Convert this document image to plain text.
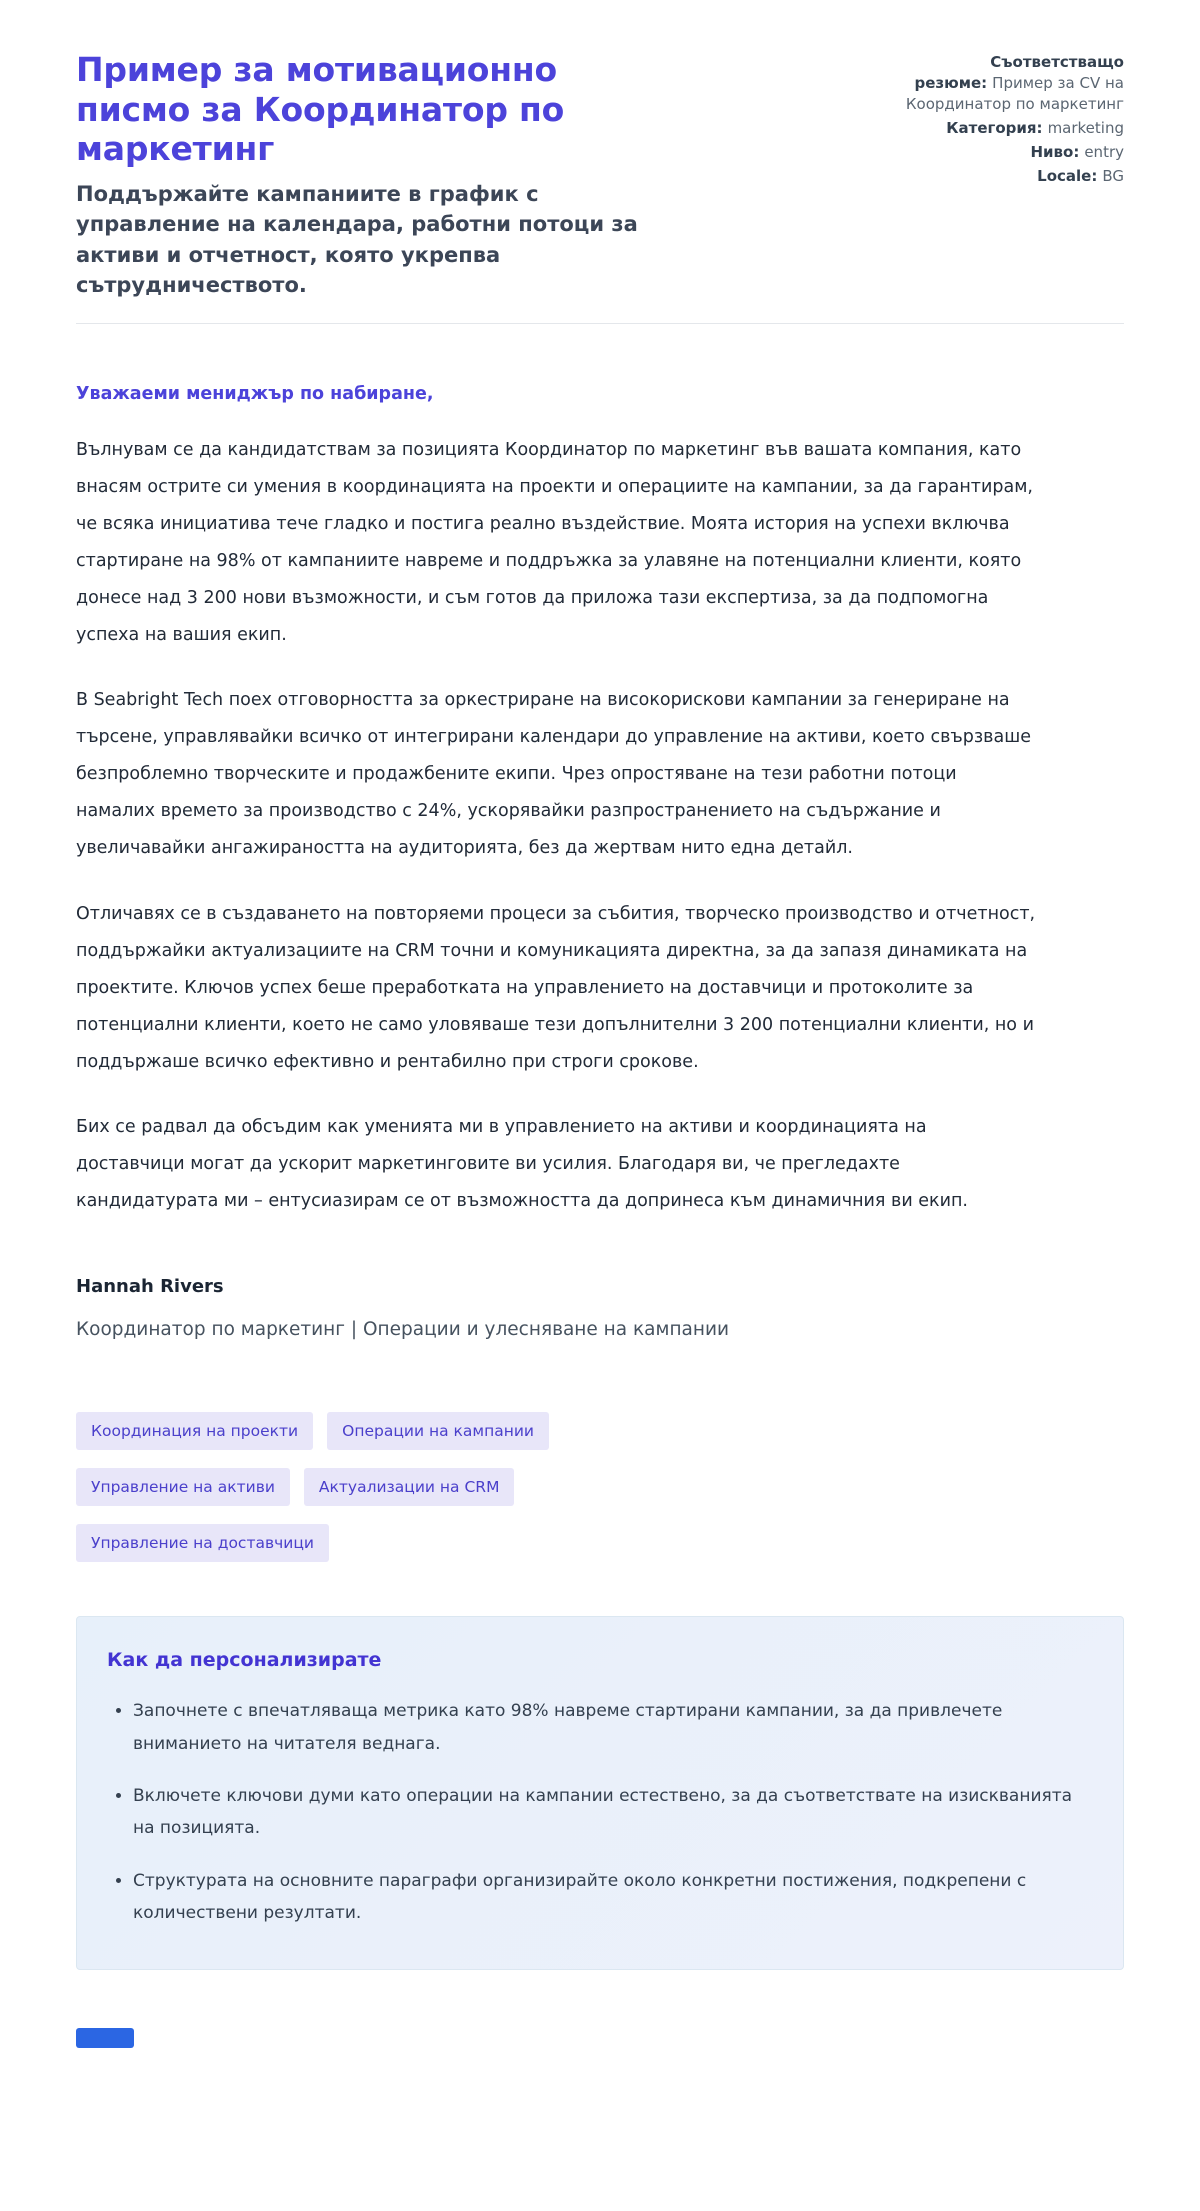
Пример за мотивационно писмо за Координатор по маркетинг

Поддържайте кампаниите в график с управление на календара, работни потоци за активи и отчетност, която укрепва сътрудничеството.

Съответстващо резюме: Пример за CV на Координатор по маркетинг
Категория: marketing
Ниво: entry
Locale: BG

Уважаеми мениджър по набиране,

Вълнувам се да кандидатствам за позицията Координатор по маркетинг във вашата компания, като внасям острите си умения в координацията на проекти и операциите на кампании, за да гарантирам, че всяка инициатива тече гладко и постига реално въздействие. Моята история на успехи включва стартиране на 98% от кампаниите навреме и поддръжка за улавяне на потенциални клиенти, която донесе над 3 200 нови възможности, и съм готов да приложа тази експертиза, за да подпомогна успеха на вашия екип.

В Seabright Tech поех отговорността за оркестриране на високорискови кампании за генериране на търсене, управлявайки всичко от интегрирани календари до управление на активи, което свързваше безпроблемно творческите и продажбените екипи. Чрез опростяване на тези работни потоци намалих времето за производство с 24%, ускорявайки разпространението на съдържание и увеличавайки ангажираността на аудиторията, без да жертвам нито една детайл.

Отличавях се в създаването на повторяеми процеси за събития, творческо производство и отчетност, поддържайки актуализациите на CRM точни и комуникацията директна, за да запазя динамиката на проектите. Ключов успех беше преработката на управлението на доставчици и протоколите за потенциални клиенти, което не само уловяваше тези допълнителни 3 200 потенциални клиенти, но и поддържаше всичко ефективно и рентабилно при строги срокове.

Бих се радвал да обсъдим как уменията ми в управлението на активи и координацията на доставчици могат да ускорит маркетинговите ви усилия. Благодаря ви, че прегледахте кандидатурата ми – ентусиазирам се от възможността да допринеса към динамичния ви екип.

Hannah Rivers

Координатор по маркетинг | Операции и улесняване на кампании

Координация на проекти	Операции на кампании
Управление на активи	Актуализации на CRM
Управление на доставчици
Как да персонализирате
• Започнете с впечатляваща метрика като 98% навреме стартирани кампании, за да привлечете вниманието на читателя веднага.
• Включете ключови думи като операции на кампании естествено, за да съответствате на изискванията на позицията.
• Структурата на основните параграфи организирайте около конкретни постижения, подкрепени с количествени резултати.
